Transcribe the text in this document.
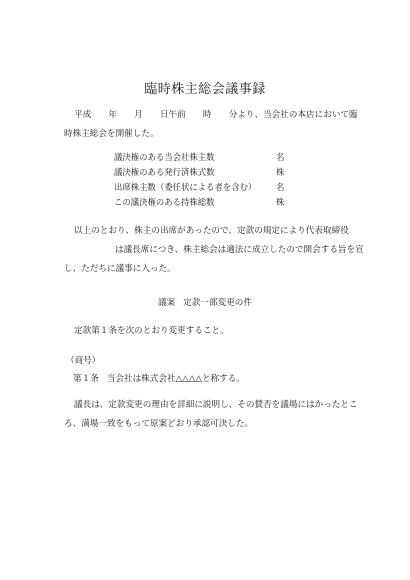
臨時株主総会議事録
平成　　年　　月　　日午前　　時　　分より、当会社の本店において臨時株主総会を開催した。
議決権のある当会社株主数	名
議決権のある発行済株式数	株
出席株主数（委任状による者を含む） 名
この議決権のある持株総数	株
以上のとおり、株主の出席があったので、定款の規定により代表取締役
は議長席につき、株主総会は適法に成立したので開会する旨を宣
し、ただちに議事に入った。
議案 定款一部変更の件
定款第１条を次のとおり変更すること。
（商号）
第１条 当会社は株式会社△△△△と称する。
議長は、定款変更の理由を詳細に説明し、その賛否を議場にはかったところ、満場一致をもって原案どおり承認可決した。
